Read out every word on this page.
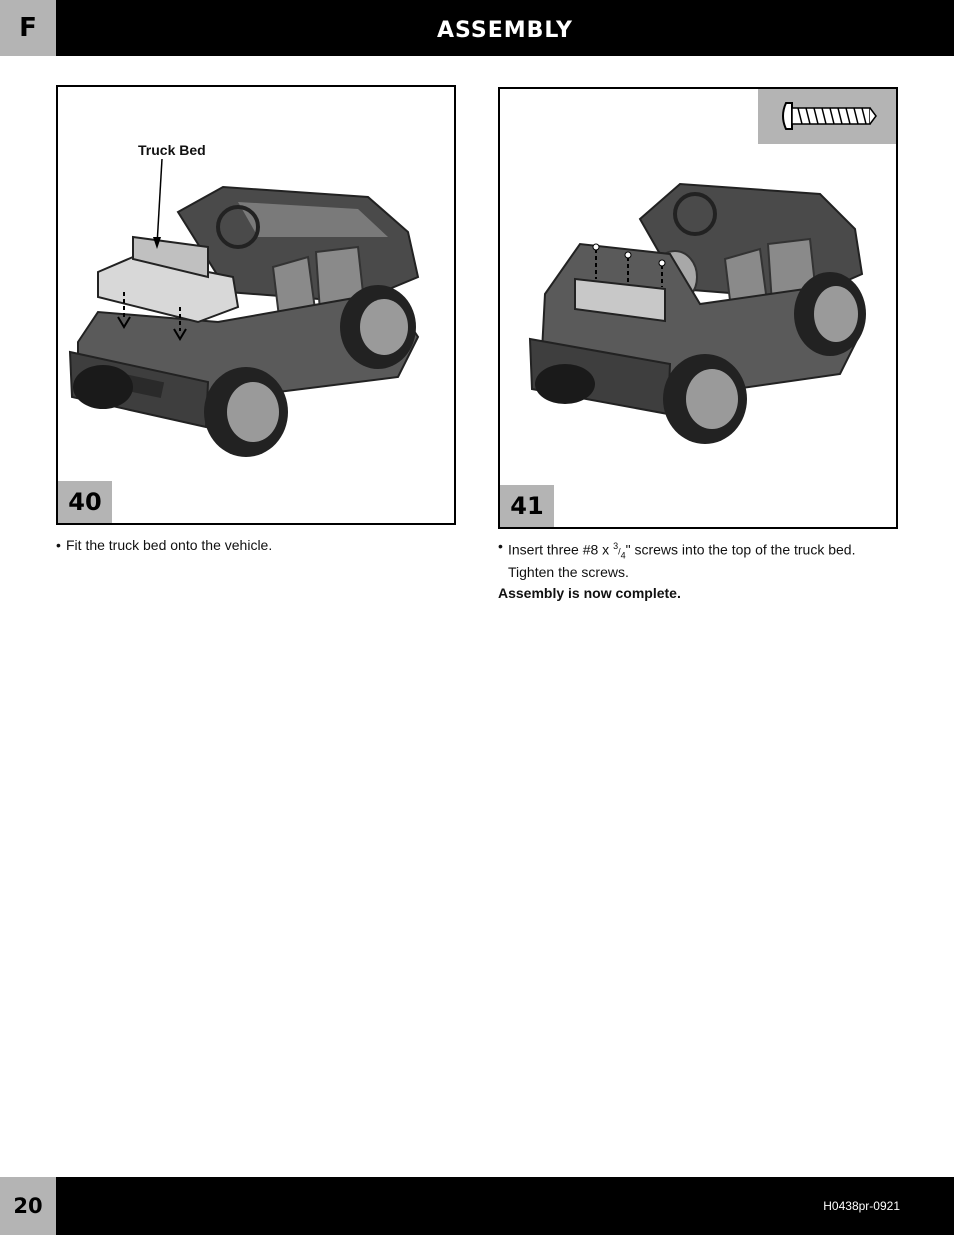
F	ASSEMBLY
Truck Bed
40	41
• Fit the truck bed onto the vehicle.	• Insert three #8 x $^3/_4$" screws into the top of the truck bed. Tighten the screws.
Assembly is now complete.
20	H0438pr-0921
